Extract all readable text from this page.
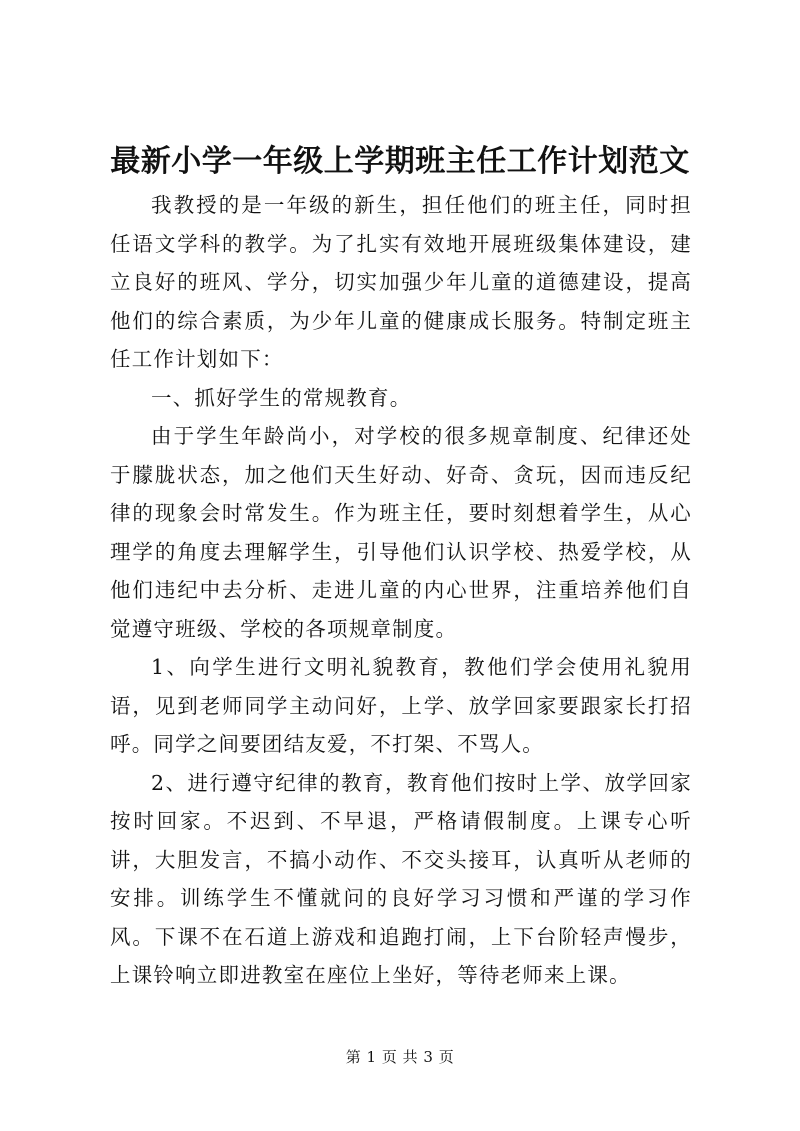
最新小学一年级上学期班主任工作计划范文

我教授的是一年级的新生，担任他们的班主任，同时担任语文学科的教学。为了扎实有效地开展班级集体建设，建立良好的班风、学分，切实加强少年儿童的道德建设，提高他们的综合素质，为少年儿童的健康成长服务。特制定班主任工作计划如下：

一、抓好学生的常规教育。

由于学生年龄尚小，对学校的很多规章制度、纪律还处于朦胧状态，加之他们天生好动、好奇、贪玩，因而违反纪律的现象会时常发生。作为班主任，要时刻想着学生，从心理学的角度去理解学生，引导他们认识学校、热爱学校，从他们违纪中去分析、走进儿童的内心世界，注重培养他们自觉遵守班级、学校的各项规章制度。

1、向学生进行文明礼貌教育，教他们学会使用礼貌用语，见到老师同学主动问好，上学、放学回家要跟家长打招呼。同学之间要团结友爱，不打架、不骂人。

2、进行遵守纪律的教育，教育他们按时上学、放学回家按时回家。不迟到、不早退，严格请假制度。上课专心听讲，大胆发言，不搞小动作、不交头接耳，认真听从老师的安排。训练学生不懂就问的良好学习习惯和严谨的学习作风。下课不在石道上游戏和追跑打闹，上下台阶轻声慢步，上课铃响立即进教室在座位上坐好，等待老师来上课。

第 1 页 共 3 页
